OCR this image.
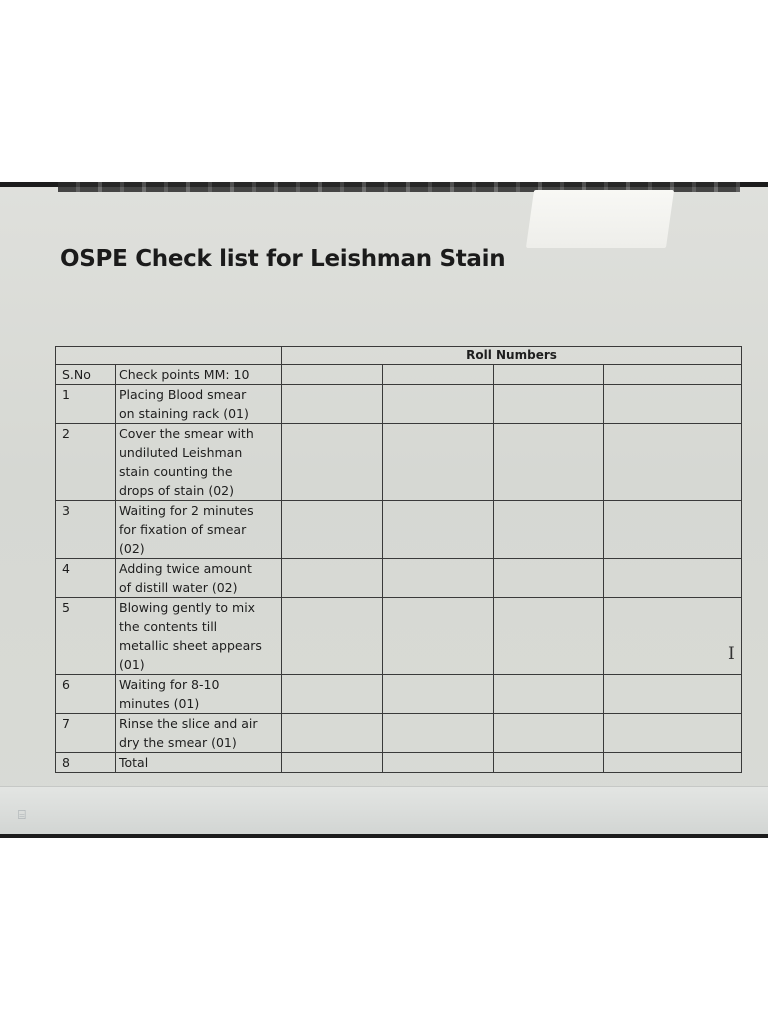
OSPE Check list for Leishman Stain
		Roll Numbers			
S.No	Check points MM: 10				
1	Placing Blood smear
on staining rack (01)				
2	Cover the smear with
undiluted Leishman
stain counting the
drops of stain (02)				
3	Waiting for 2 minutes
for fixation of smear
(02)				
4	Adding twice amount
of distill water (02)				
5	Blowing gently to mix
the contents till
metallic sheet appears
(01)				
6	Waiting for 8-10
minutes (01)				
7	Rinse the slice and air
dry the smear (01)				
8	Total				
I
⌸
